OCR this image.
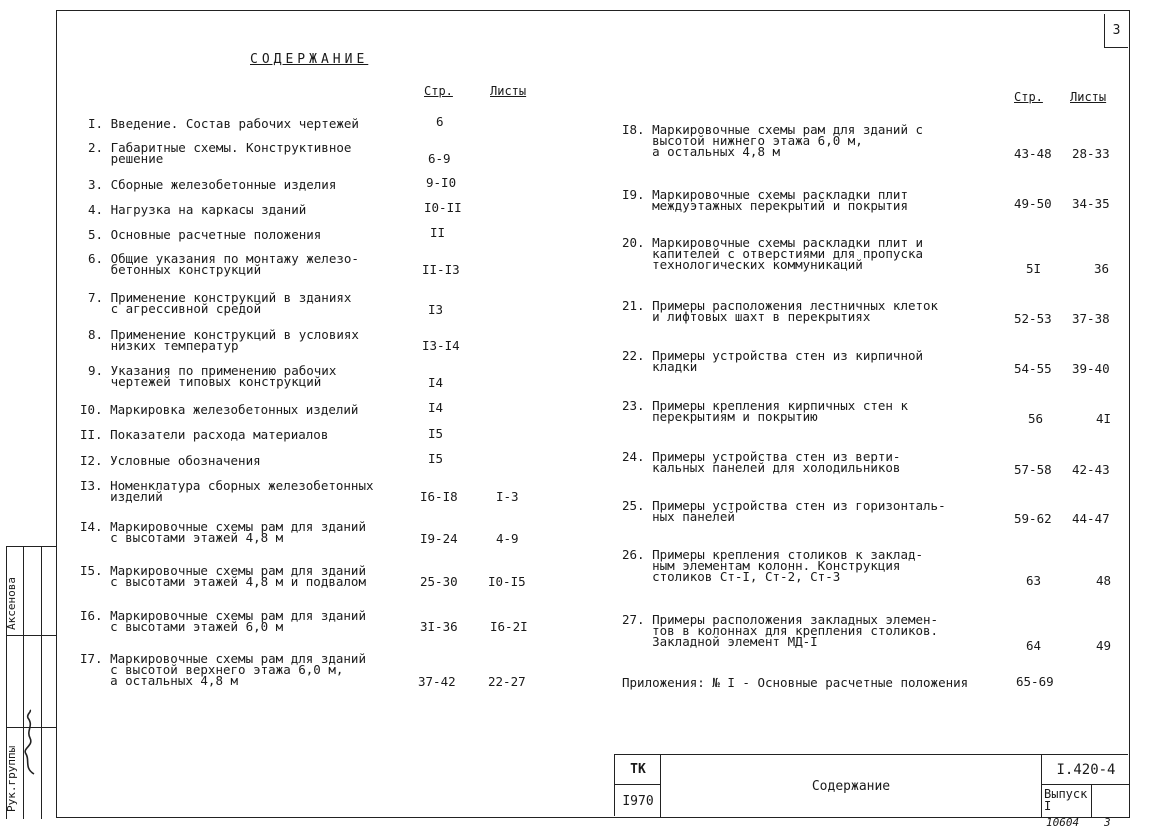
3
СОДЕРЖАНИЕ
Стр.	Листы	Стр. Листы
I. Введение. Состав рабочих чертежей	6
2. Габаритные схемы. Конструктивное
решение	6-9
3. Сборные железобетонные изделия	9-I0
4. Нагрузка на каркасы зданий	I0-II
5. Основные расчетные положения	II
6. Общие указания по монтажу железо-
бетонных конструкций	II-I3
7. Применение конструкций в зданиях
с агрессивной средой	I3
8. Применение конструкций в условиях
низких температур	I3-I4
9. Указания по применению рабочих
чертежей типовых конструкций	I4
I0. Маркировка железобетонных изделий	I4
II. Показатели расхода материалов	I5
I2. Условные обозначения	I5
I3. Номенклатура сборных железобетонных
изделий	I6-I8	I-3
I4. Маркировочные схемы рам для зданий
с высотами этажей 4,8 м	I9-24	4-9
I5. Маркировочные схемы рам для зданий
с высотами этажей 4,8 м и подвалом	25-30 I0-I5
I6. Маркировочные схемы рам для зданий
с высотами этажей 6,0 м	3I-36	I6-2I
I7. Маркировочные схемы рам для зданий
с высотой верхнего этажа 6,0 м,
а остальных 4,8 м	37-42	22-27
I8. Маркировочные схемы рам для зданий с
высотой нижнего этажа 6,0 м,
а остальных 4,8 м	43-48 28-33
I9. Маркировочные схемы раскладки плит
междуэтажных перекрытий и покрытия	49-50 34-35
20. Маркировочные схемы раскладки плит и
капителей с отверстиями для пропуска
технологических коммуникаций	5I	36
21. Примеры расположения лестничных клеток
и лифтовых шахт в перекрытиях	52-53 37-38
22. Примеры устройства стен из кирпичной
кладки	54-55 39-40
23. Примеры крепления кирпичных стен к
перекрытиям и покрытию	56	4I
24. Примеры устройства стен из верти-
кальных панелей для холодильников	57-58 42-43
25. Примеры устройства стен из горизонталь-
ных панелей	59-62 44-47
26. Примеры крепления столиков к заклад-
ным элементам колонн. Конструкция
столиков Ст-I, Ст-2, Ст-3	63	48
27. Примеры расположения закладных элемен-
тов в колоннах для крепления столиков.
Закладной элемент МД-I	64	49
Приложения: № I - Основные расчетные положения	65-69
ТК
I970
Содержание
I.420-4
Выпуск
I
10604 3
Рук.группы
Аксенова
